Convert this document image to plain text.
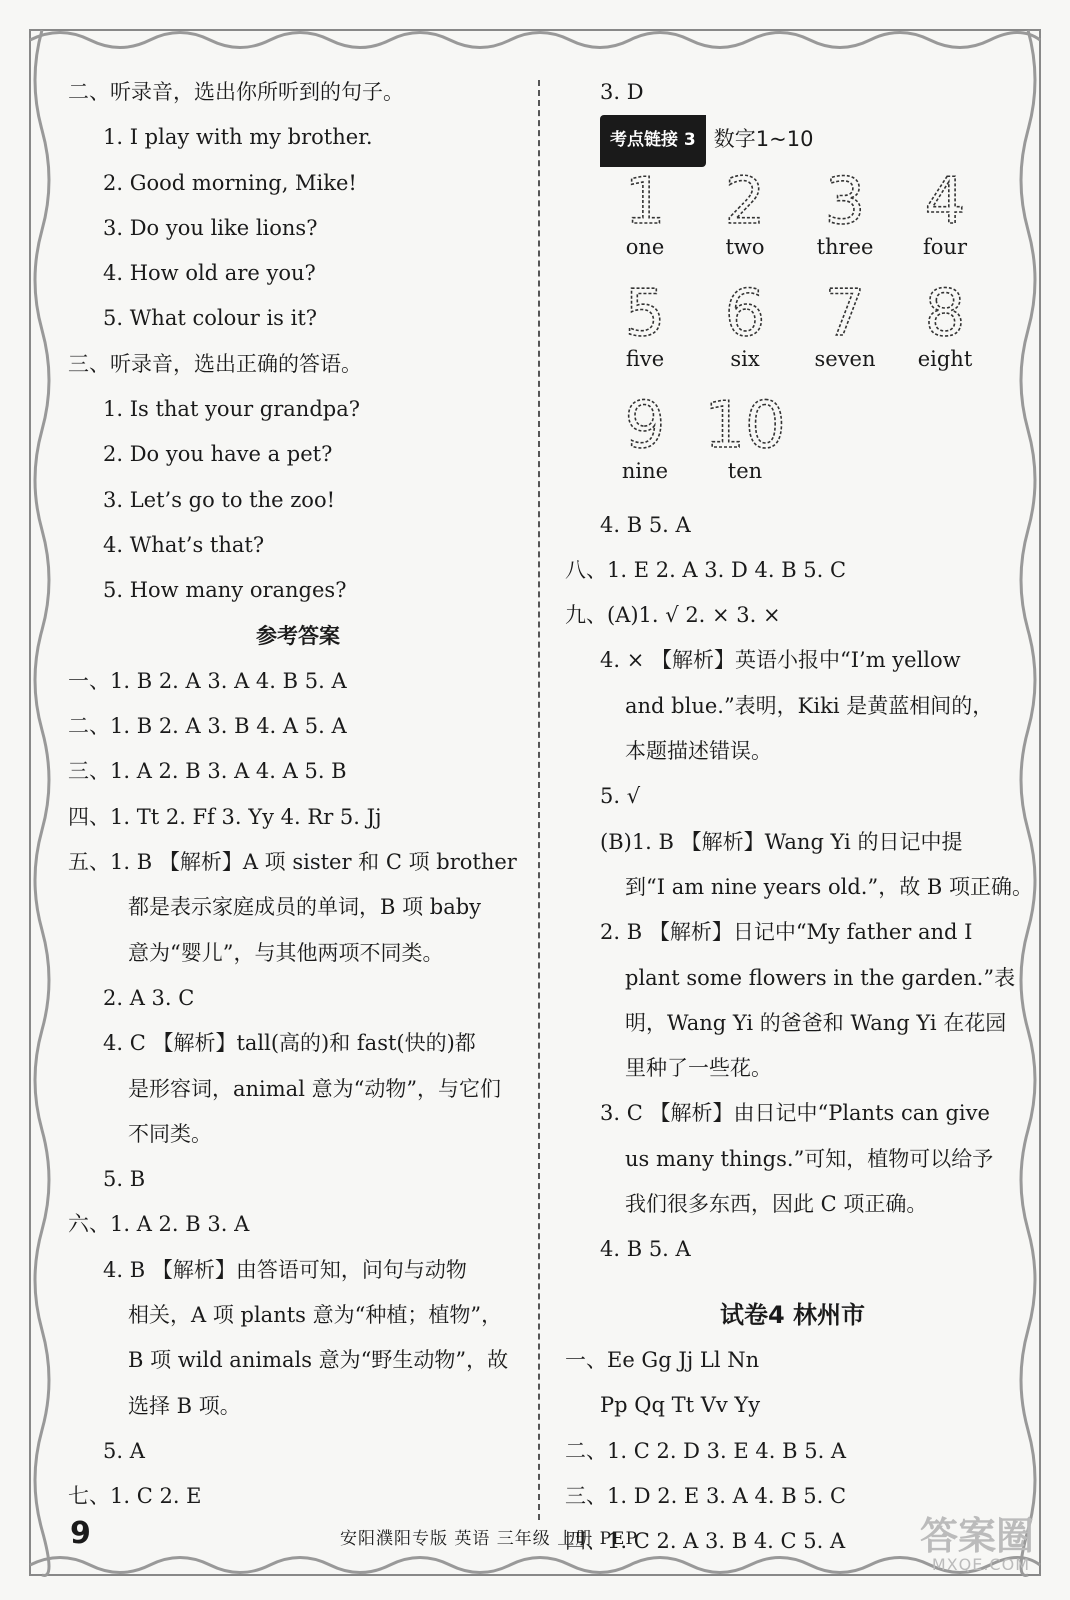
二、听录音，选出你所听到的句子。
1. I play with my brother.
2. Good morning, Mike!
3. Do you like lions?
4. How old are you?
5. What colour is it?
三、听录音，选出正确的答语。
1. Is that your grandpa?
2. Do you have a pet?
3. Let’s go to the zoo!
4. What’s that?
5. How many oranges?
参考答案
一、1. B 2. A 3. A 4. B 5. A
二、1. B 2. A 3. B 4. A 5. A
三、1. A 2. B 3. A 4. A 5. B
四、1. Tt 2. Ff 3. Yy 4. Rr 5. Jj
五、1. B 【解析】A 项 sister 和 C 项 brother
都是表示家庭成员的单词，B 项 baby
意为“婴儿”，与其他两项不同类。
2. A 3. C
4. C 【解析】tall(高的)和 fast(快的)都
是形容词，animal 意为“动物”，与它们
不同类。
5. B
六、1. A 2. B 3. A
4. B 【解析】由答语可知，问句与动物
相关，A 项 plants 意为“种植；植物”，
B 项 wild animals 意为“野生动物”，故
选择 B 项。
5. A
七、1. C 2. E
3. D
考点链接 3 数字1~10
1
one
2
two
3
three
4
four
5
five
6
six
7
seven
8
eight
9
nine
10
ten
4. B 5. A
八、1. E 2. A 3. D 4. B 5. C
九、(A)1. √ 2. × 3. ×
4. × 【解析】英语小报中“I’m yellow
and blue.”表明，Kiki 是黄蓝相间的，
本题描述错误。
5. √
(B)1. B 【解析】Wang Yi 的日记中提
到“I am nine years old.”，故 B 项正确。
2. B 【解析】日记中“My father and I
plant some flowers in the garden.”表
明，Wang Yi 的爸爸和 Wang Yi 在花园
里种了一些花。
3. C 【解析】由日记中“Plants can give
us many things.”可知，植物可以给予
我们很多东西，因此 C 项正确。
4. B 5. A
试卷4 林州市
一、Ee Gg Jj Ll Nn
Pp Qq Tt Vv Yy
二、1. C 2. D 3. E 4. B 5. A
三、1. D 2. E 3. A 4. B 5. C
四、1. C 2. A 3. B 4. C 5. A
9	安阳濮阳专版 英语 三年级 上册 PEP	答案圈
MXQE.COM
